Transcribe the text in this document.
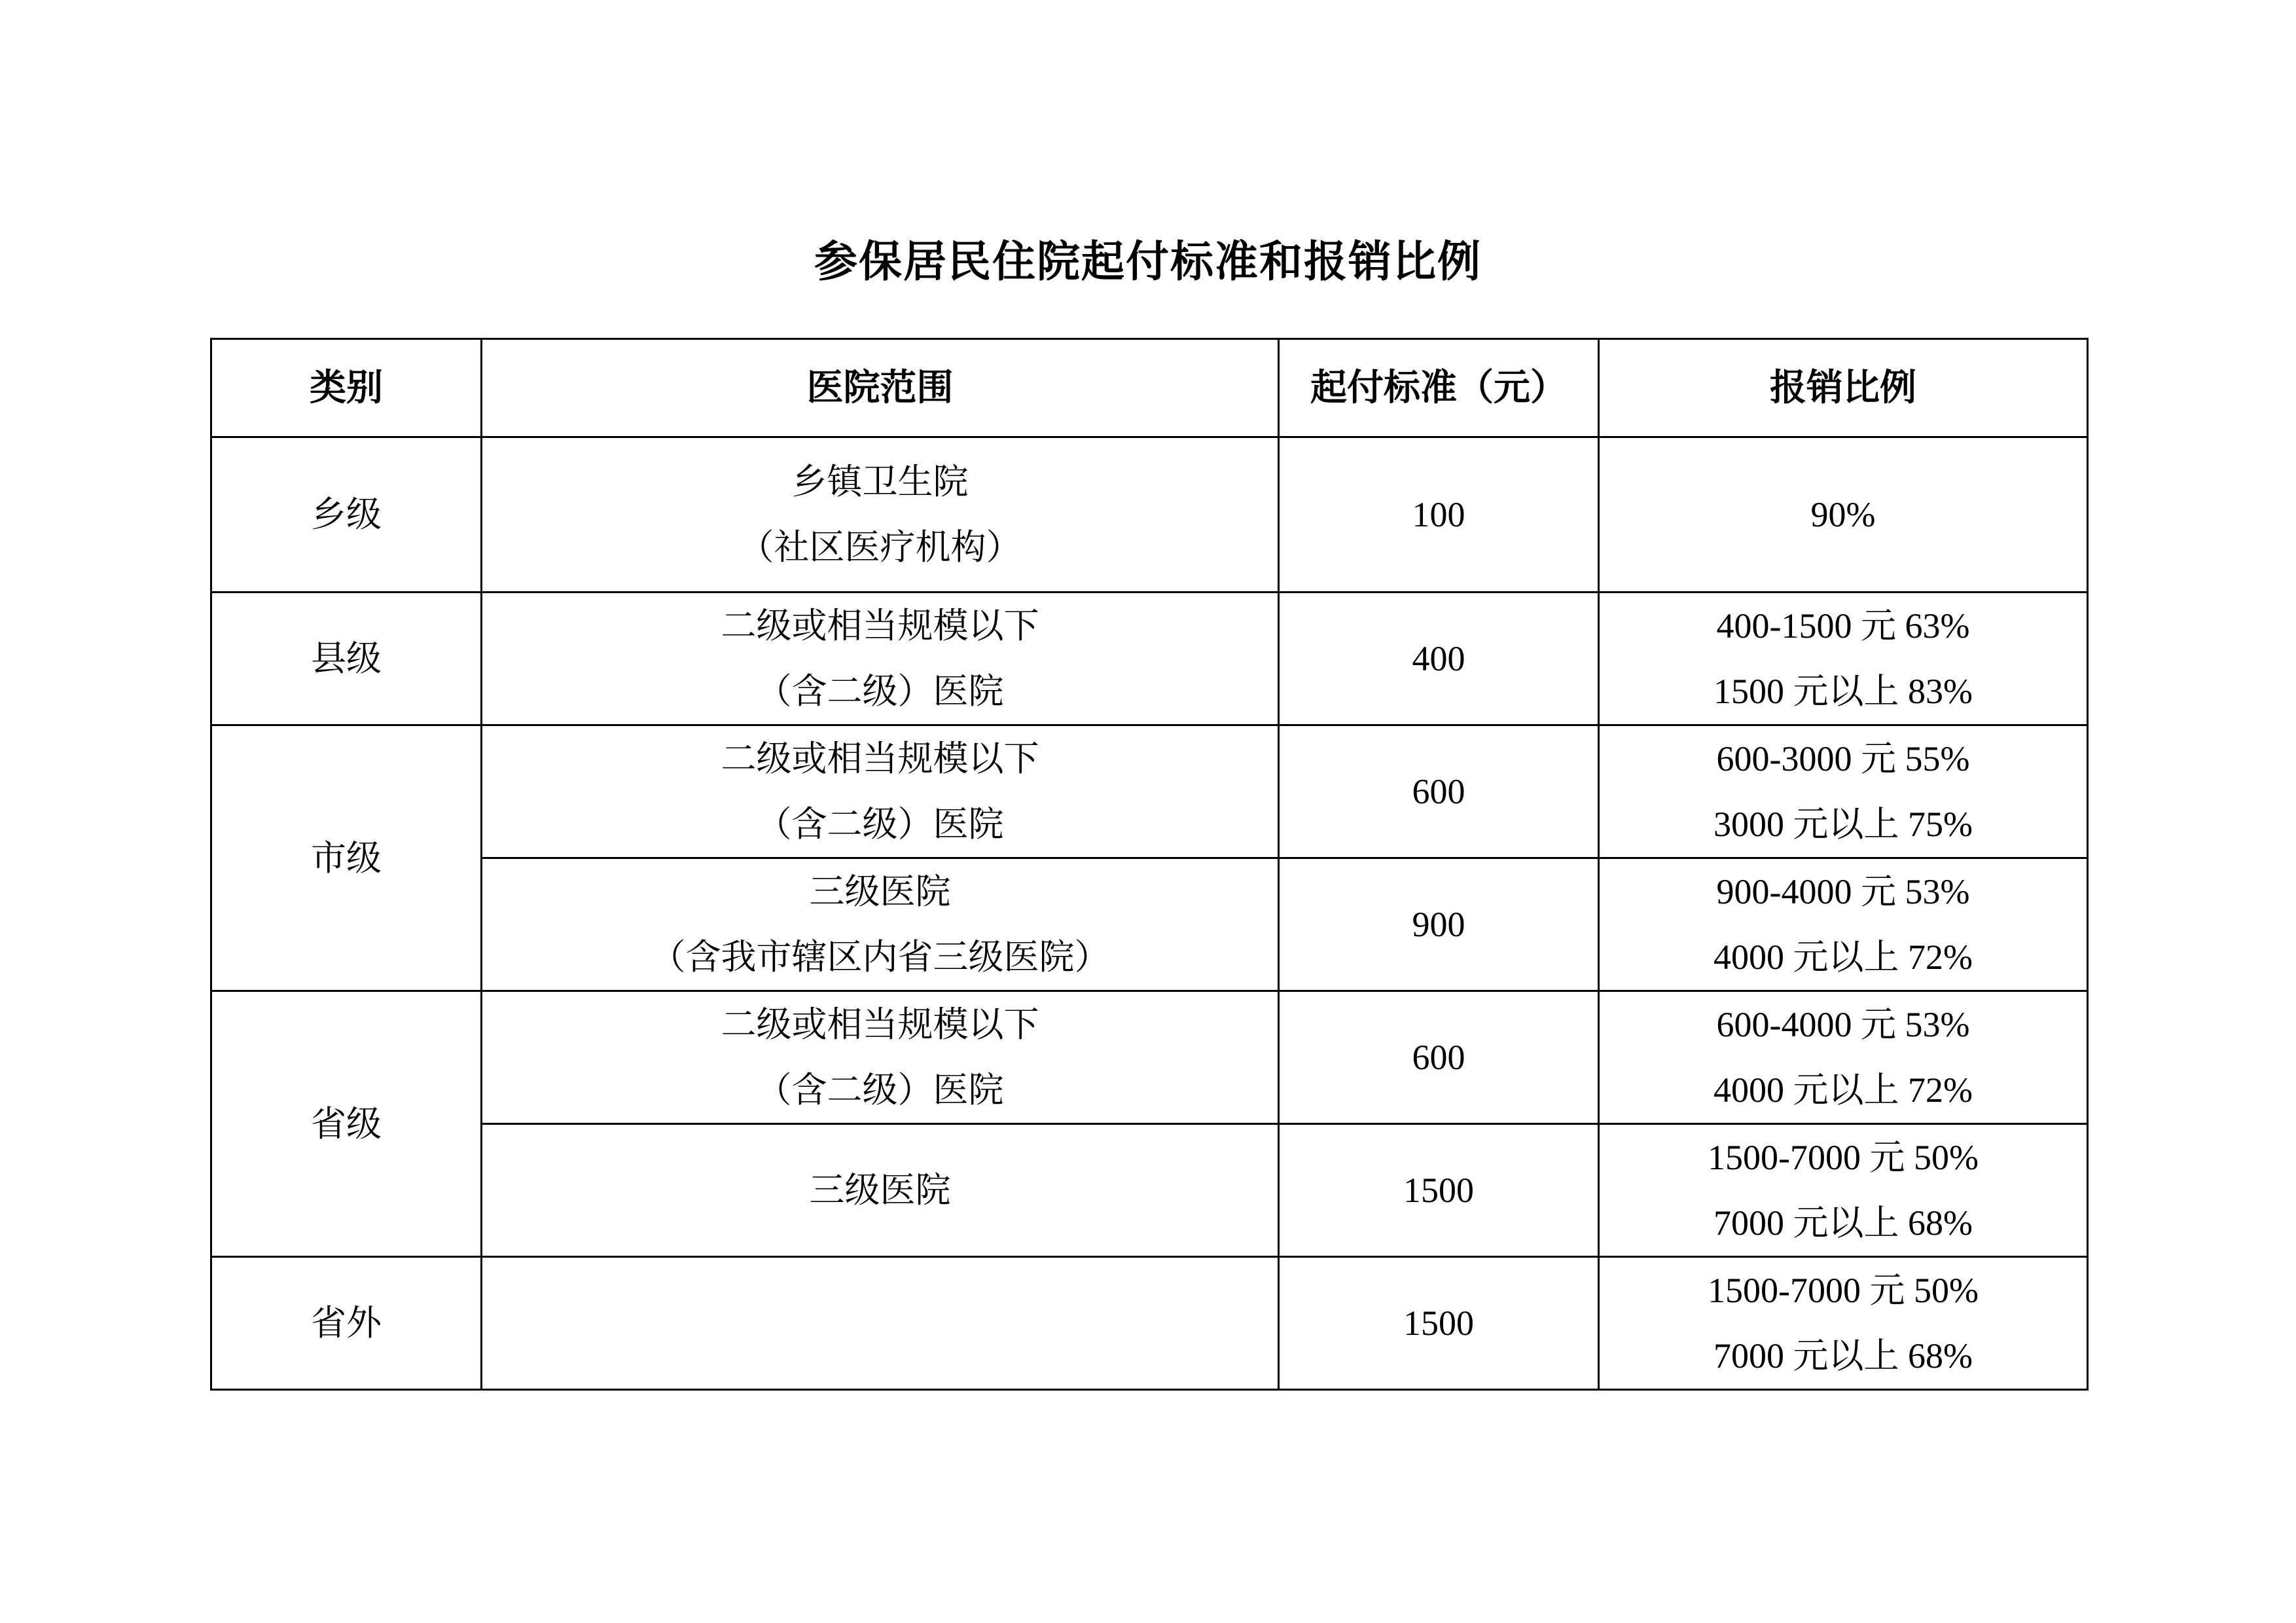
参保居民住院起付标准和报销比例
类别	医院范围	起付标准（元）	报销比例
乡级	乡镇卫生院
（社区医疗机构）	100	90%

县级	二级或相当规模以下
（含二级）医院	400	400-1500 元 63%
1500 元以上 83%

市级	二级或相当规模以下
（含二级）医院	600	600-3000 元 55%
3000 元以上 75%

	三级医院
（含我市辖区内省三级医院）	900	900-4000 元 53%
4000 元以上 72%

省级	二级或相当规模以下
（含二级）医院	600	600-4000 元 53%
4000 元以上 72%

	三级医院	1500	1500-7000 元 50%
7000 元以上 68%

省外		1500	1500-7000 元 50%
7000 元以上 68%
